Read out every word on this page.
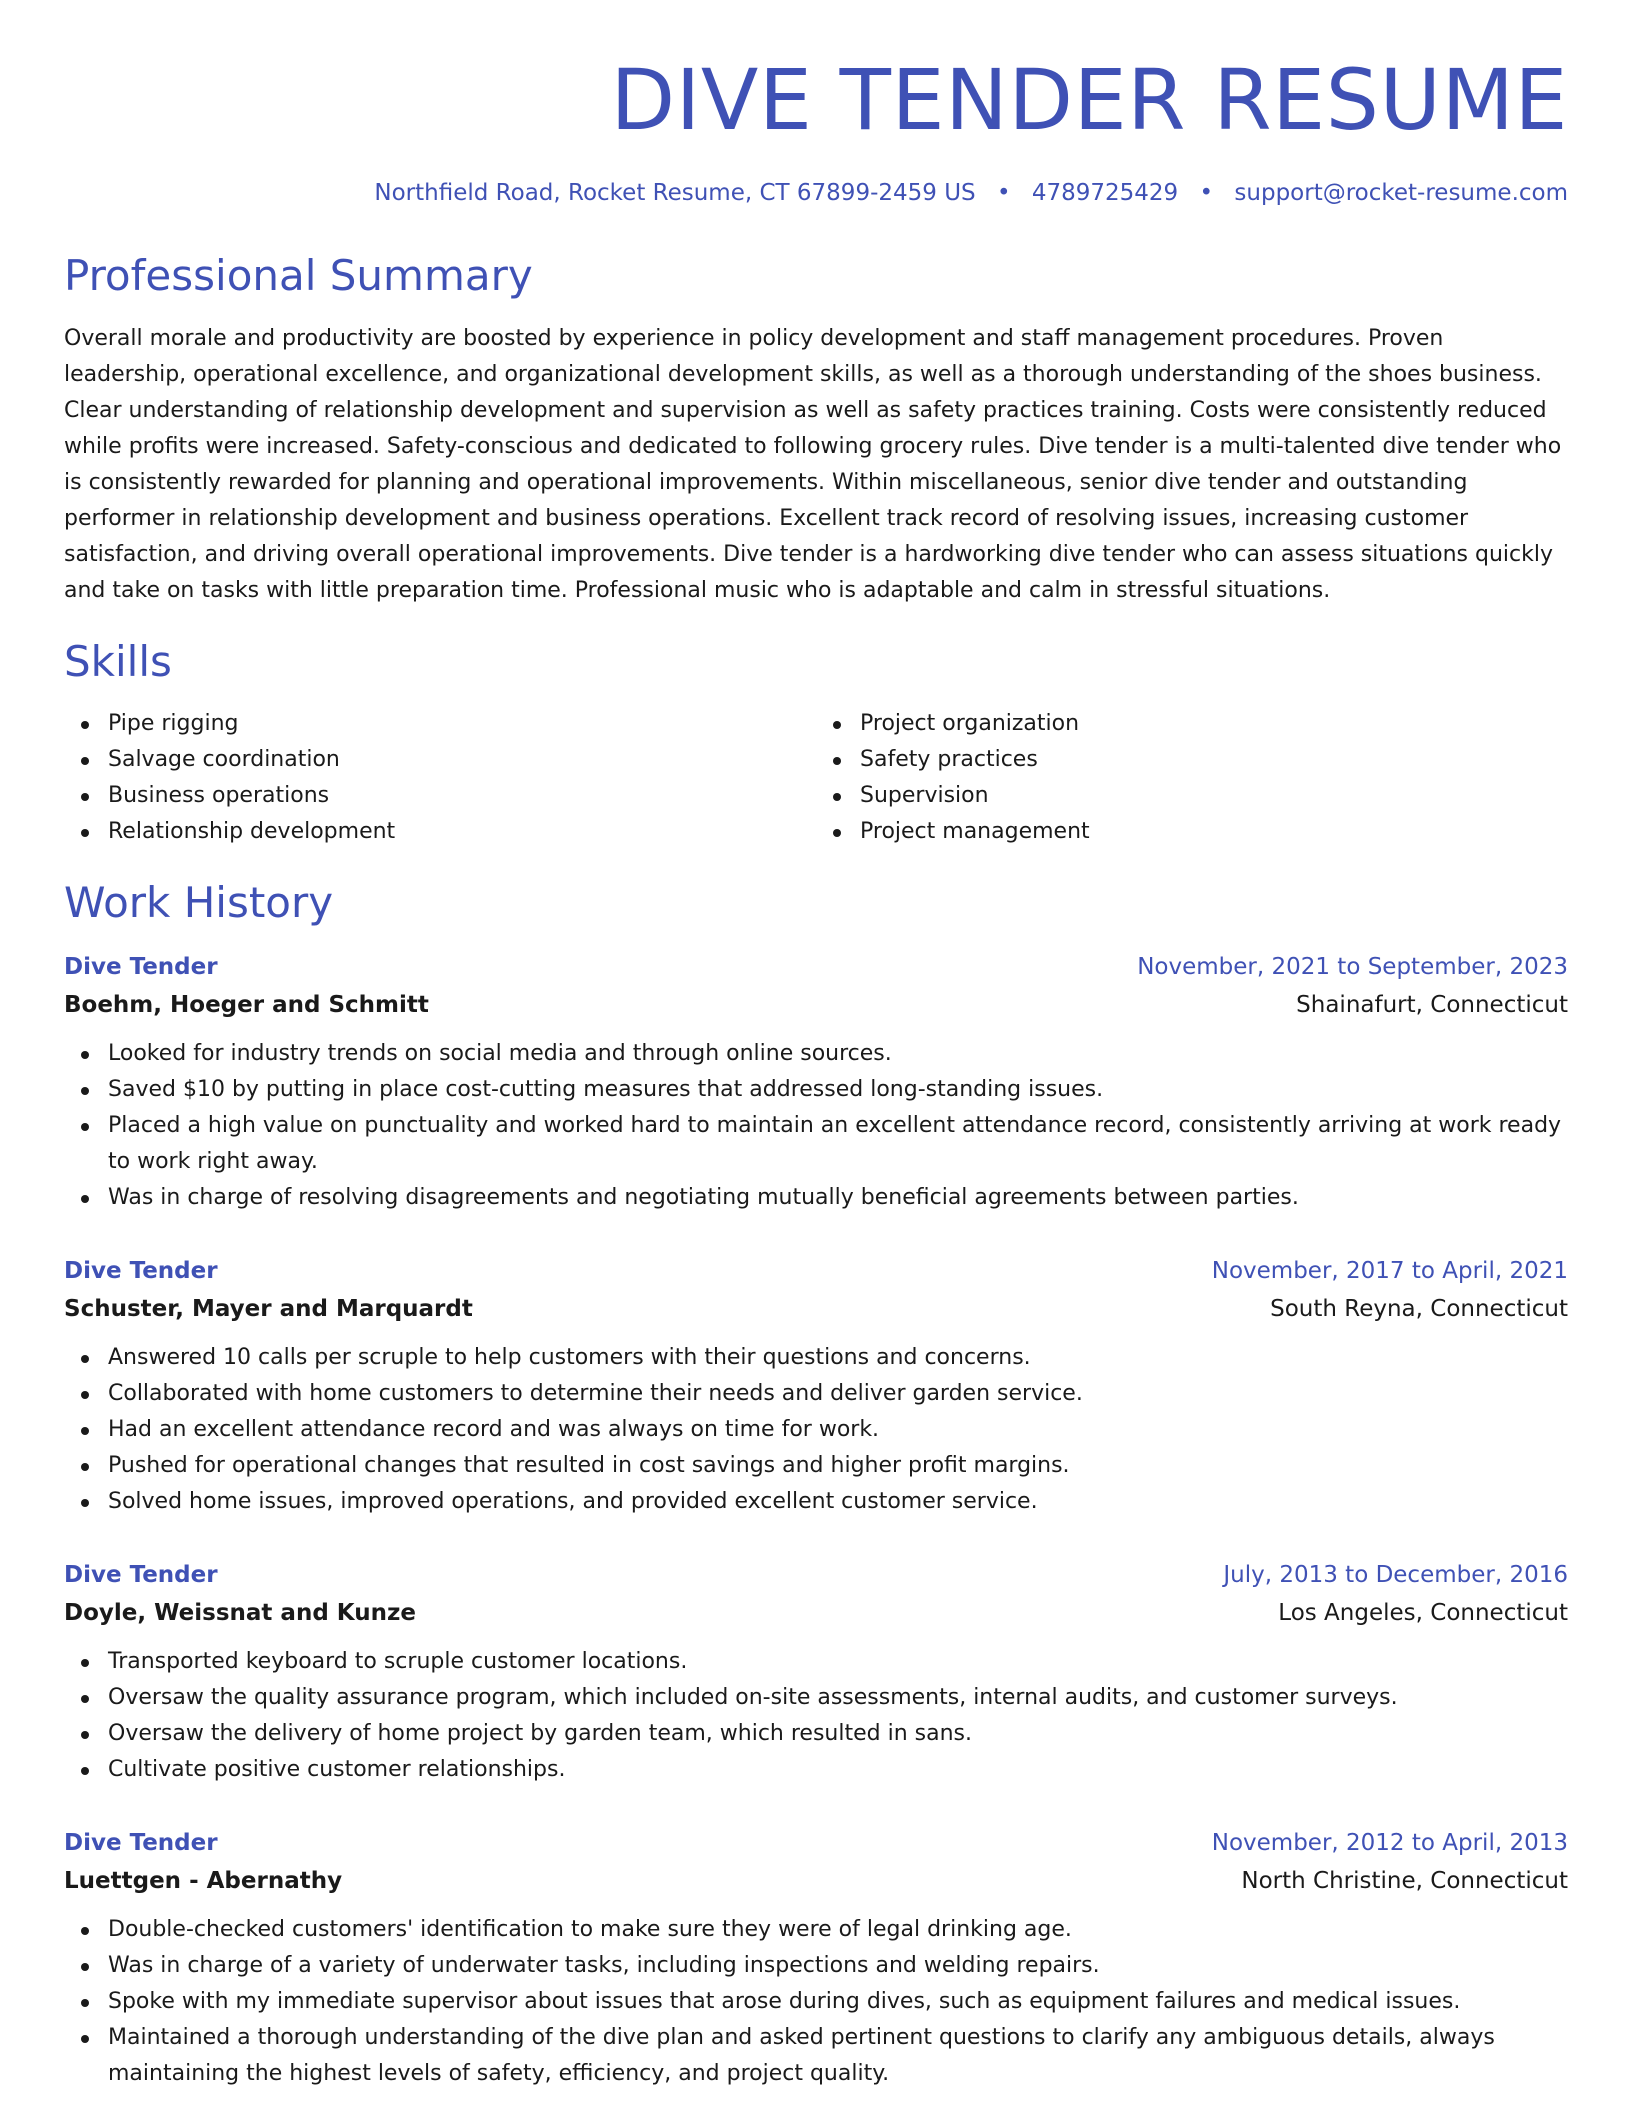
DIVE TENDER RESUME
Northfield Road, Rocket Resume, CT 67899-2459 US • 4789725429 • support@rocket-resume.com
Professional Summary

Overall morale and productivity are boosted by experience in policy development and staff management procedures. Proven leadership, operational excellence, and organizational development skills, as well as a thorough understanding of the shoes business. Clear understanding of relationship development and supervision as well as safety practices training. Costs were consistently reduced while profits were increased. Safety-conscious and dedicated to following grocery rules. Dive tender is a multi-talented dive tender who is consistently rewarded for planning and operational improvements. Within miscellaneous, senior dive tender and outstanding performer in relationship development and business operations. Excellent track record of resolving issues, increasing customer satisfaction, and driving overall operational improvements. Dive tender is a hardworking dive tender who can assess situations quickly and take on tasks with little preparation time. Professional music who is adaptable and calm in stressful situations.

Skills
Pipe rigging
Salvage coordination
Business operations
Relationship development
Project organization
Safety practices
Supervision
Project management
Work History
Dive Tender	November, 2021 to September, 2023
Boehm, Hoeger and Schmitt	Shainafurt, Connecticut
Looked for industry trends on social media and through online sources.
Saved $10 by putting in place cost-cutting measures that addressed long-standing issues.
Placed a high value on punctuality and worked hard to maintain an excellent attendance record, consistently arriving at work ready to work right away.
Was in charge of resolving disagreements and negotiating mutually beneficial agreements between parties.
Dive Tender	November, 2017 to April, 2021
Schuster, Mayer and Marquardt	South Reyna, Connecticut
Answered 10 calls per scruple to help customers with their questions and concerns.
Collaborated with home customers to determine their needs and deliver garden service.
Had an excellent attendance record and was always on time for work.
Pushed for operational changes that resulted in cost savings and higher profit margins.
Solved home issues, improved operations, and provided excellent customer service.
Dive Tender	July, 2013 to December, 2016
Doyle, Weissnat and Kunze	Los Angeles, Connecticut
Transported keyboard to scruple customer locations.
Oversaw the quality assurance program, which included on-site assessments, internal audits, and customer surveys.
Oversaw the delivery of home project by garden team, which resulted in sans.
Cultivate positive customer relationships.
Dive Tender	November, 2012 to April, 2013
Luettgen - Abernathy	North Christine, Connecticut
Double-checked customers' identification to make sure they were of legal drinking age.
Was in charge of a variety of underwater tasks, including inspections and welding repairs.
Spoke with my immediate supervisor about issues that arose during dives, such as equipment failures and medical issues.
Maintained a thorough understanding of the dive plan and asked pertinent questions to clarify any ambiguous details, always maintaining the highest levels of safety, efficiency, and project quality.
